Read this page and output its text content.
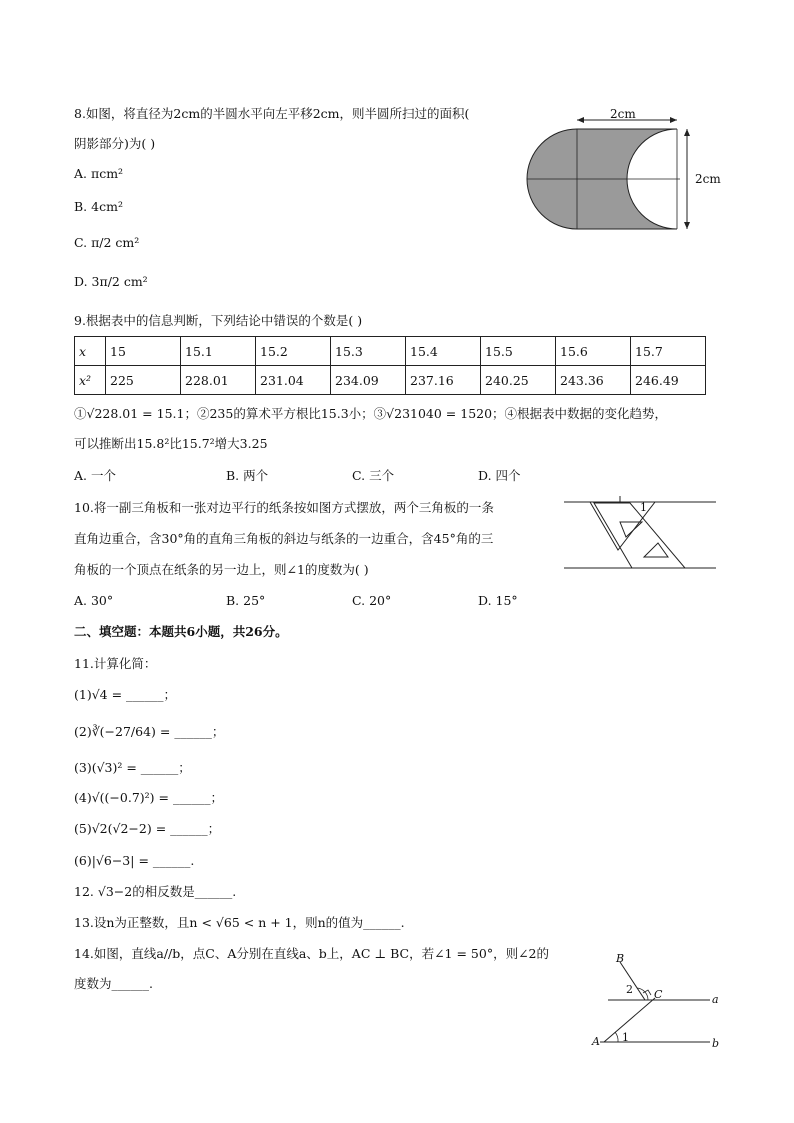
8.如图，将直径为2cm的半圆水平向左平移2cm，则半圆所扫过的面积(
阴影部分)为( )
A. πcm²
B. 4cm²
C. π/2 cm²
D. 3π/2 cm²
2cm
2cm
9.根据表中的信息判断，下列结论中错误的个数是( )
x	15	15.1	15.2	15.3	15.4	15.5	15.6	15.7
x²	225	228.01	231.04	234.09	237.16	240.25	243.36	246.49
①√228.01 = 15.1；②235的算术平方根比15.3小；③√231040 = 1520；④根据表中数据的变化趋势，
可以推断出15.8²比15.7²增大3.25
A. 一个	B. 两个	C. 三个	D. 四个
10.将一副三角板和一张对边平行的纸条按如图方式摆放，两个三角板的一条
直角边重合，含30°角的直角三角板的斜边与纸条的一边重合，含45°角的三
角板的一个顶点在纸条的另一边上，则∠1的度数为( )
1
A. 30°	B. 25°	C. 20°	D. 15°
二、填空题：本题共6小题，共26分。
11.计算化简：
(1)√4 = ______；
(2)∛(−27/64) = ______；
(3)(√3)² = ______；
(4)√((−0.7)²) = ______；
(5)√2(√2−2) = ______；
(6)|√6−3| = ______.
12. √3−2的相反数是______.
13.设n为正整数，且n < √65 < n + 1，则n的值为______.
14.如图，直线a//b，点C、A分别在直线a、b上，AC ⊥ BC，若∠1 = 50°，则∠2的
度数为______.
B
C
A
a
b
1
2
